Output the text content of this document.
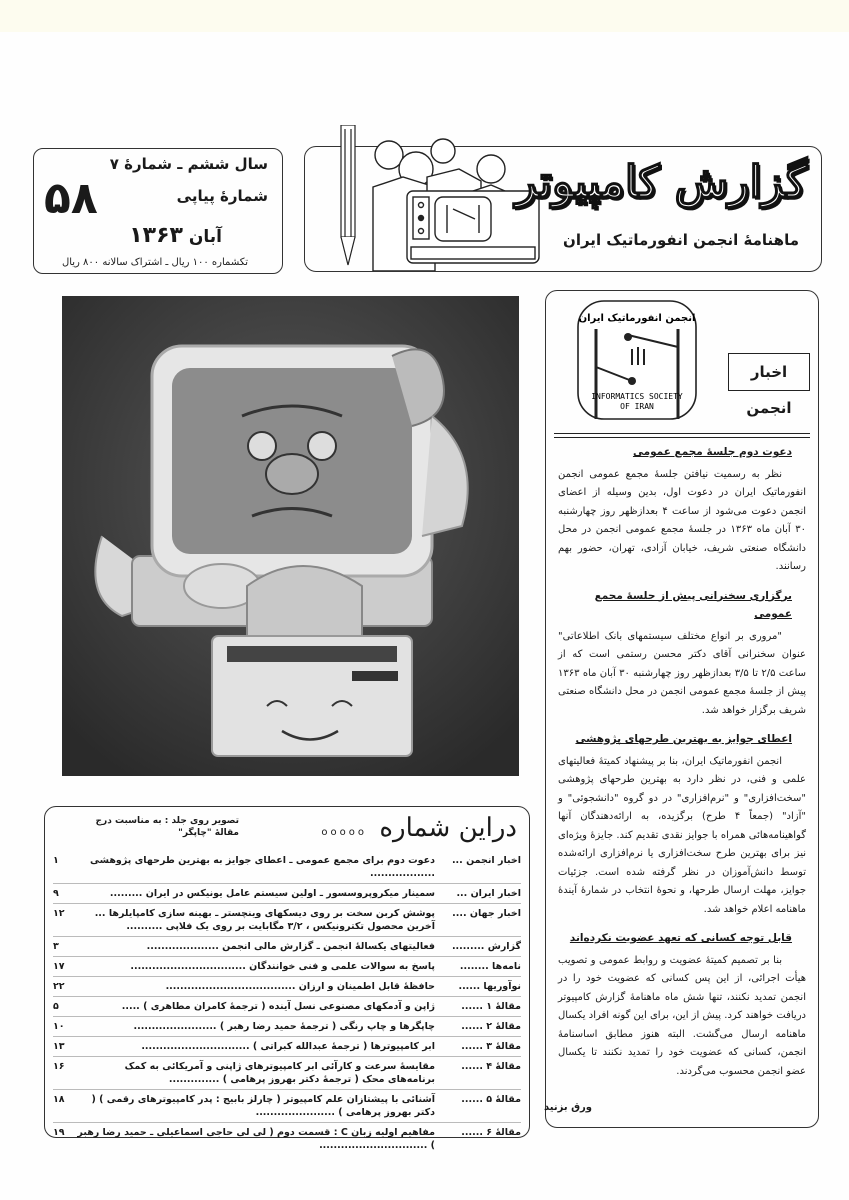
سال ششم ـ شمارهٔ ۷
۵۸	شمارهٔ پیاپی
آبان ۱۳۶۳
تکشماره ۱۰۰ ریال ـ اشتراک سالانه ۸۰۰ ریال
گزارش کامپیوتر
ماهنامهٔ انجمن انفورماتیک ایران
انجمن انفورماتیک ایران
INFORMATICS SOCIETY
OF IRAN
اخبار انجمن
دعوت دوم جلسهٔ مجمع عمومی

نظر به رسمیت نیافتن جلسهٔ مجمع عمومی انجمن انفورماتیک ایران در دعوت اول، بدین وسیله از اعضای انجمن دعوت می‌شود از ساعت ۴ بعدازظهر روز چهارشنبه ۳۰ آبان ماه ۱۳۶۳ در جلسهٔ مجمع عمومی انجمن در محل دانشگاه صنعتی شریف، خیابان آزادی، تهران، حضور بهم رسانند.

برگزاری سخنرانی پیش از جلسهٔ مجمع عمومی

"مروری بر انواع مختلف سیستمهای بانک اطلاعاتی" عنوان سخنرانی آقای دکتر محسن رستمی است که از ساعت ۲/۵ تا ۳/۵ بعدازظهر روز چهارشنبه ۳۰ آبان ماه ۱۳۶۳ پیش از جلسهٔ مجمع عمومی انجمن در محل دانشگاه صنعتی شریف برگزار خواهد شد.

اعطای جوایز به بهترین طرحهای پژوهشی

انجمن انفورماتیک ایران، بنا بر پیشنهاد کمیتهٔ فعالیتهای علمی و فنی، در نظر دارد به بهترین طرحهای پژوهشی "سخت‌افزاری" و "نرم‌افزاری" در دو گروه "دانشجوئی" و "آزاد" (جمعاً ۴ طرح) برگزیده، به ارائه‌دهندگان آنها گواهینامه‌هائی همراه با جوایز نقدی تقدیم کند. جایزهٔ ویژه‌ای نیز برای بهترین طرح سخت‌افزاری یا نرم‌افزاری ارائه‌شده توسط دانش‌آموزان در نظر گرفته شده است. جزئیات جوایز، مهلت ارسال طرحها، و نحوهٔ انتخاب در شمارهٔ آیندهٔ ماهنامه اعلام خواهد شد.

قابل توجه کسانی که تعهد عضویت نکرده‌اند

بنا بر تصمیم کمیتهٔ عضویت و روابط عمومی و تصویب هیأت اجرائی، از این پس کسانی که عضویت خود را در انجمن تمدید نکنند، تنها شش ماه ماهنامهٔ گزارش کامپیوتر دریافت خواهند کرد. پیش از این، برای این گونه افراد یکسال ماهنامه ارسال می‌گشت. البته هنوز مطابق اساسنامهٔ انجمن، کسانی که عضویت خود را تمدید نکنند تا یکسال عضو انجمن محسوب می‌گردند.

ورق بزنید
دراین شماره
ooooo
تصویر روی جلد : به مناسبت درج مقالهٔ "چاپگر"
اخبار انجمن ...
دعوت دوم برای مجمع عمومی ـ اعطای جوایز به بهترین طرحهای پژوهشی ..................
۱
اخبار ایران ...
سمینار میکروپروسسور ـ اولین سیستم عامل یونیکس در ایران .........
۹
اخبار جهان ....
پوشش کربن سخت بر روی دیسکهای وینچستر ـ بهینه سازی کامپایلرها ... آخرین محصول تکترونیکس ، ۳/۲ مگابایت بر روی یک فلاپی ..........
۱۲
گزارش .........
فعالیتهای یکسالهٔ انجمن ـ گزارش مالی انجمن ....................
۳
نامه‌ها ........
پاسخ به سوالات علمی و فنی خوانندگان ................................
۱۷
نوآوریها ......
حافظهٔ قابل اطمینان و ارزان ....................................
۲۲
مقالهٔ ۱ ......
ژاپن و آدمکهای مصنوعی نسل آینده ( ترجمهٔ کامران مطاهری ) .....
۵
مقالهٔ ۲ ......
چاپگرها و چاپ رنگی ( ترجمهٔ حمید رضا رهبر ) .......................
۱۰
مقالهٔ ۳ ......
ابر کامپیوترها ( ترجمهٔ عبدالله کبراتی ) ..............................
۱۳
مقالهٔ ۴ ......
مقایسهٔ سرعت و کارآئی ابر کامپیوترهای ژاپنی و آمریکائی به کمک برنامه‌های محک ( ترجمهٔ دکتر بهروز پرهامی ) ..............
۱۶
مقالهٔ ۵ ......
آشنائی با پیشتازان علم کامپیوتر ( چارلز بابیج : پدر کامپیوترهای رقمی ) ( دکتر بهروز پرهامی ) ......................
۱۸
مقالهٔ ۶ ......
مفاهیم اولیه زبان C : قسمت دوم ( لی لی حاجی اسماعیلی ـ حمید رضا رهبر ) ..............................
۱۹
